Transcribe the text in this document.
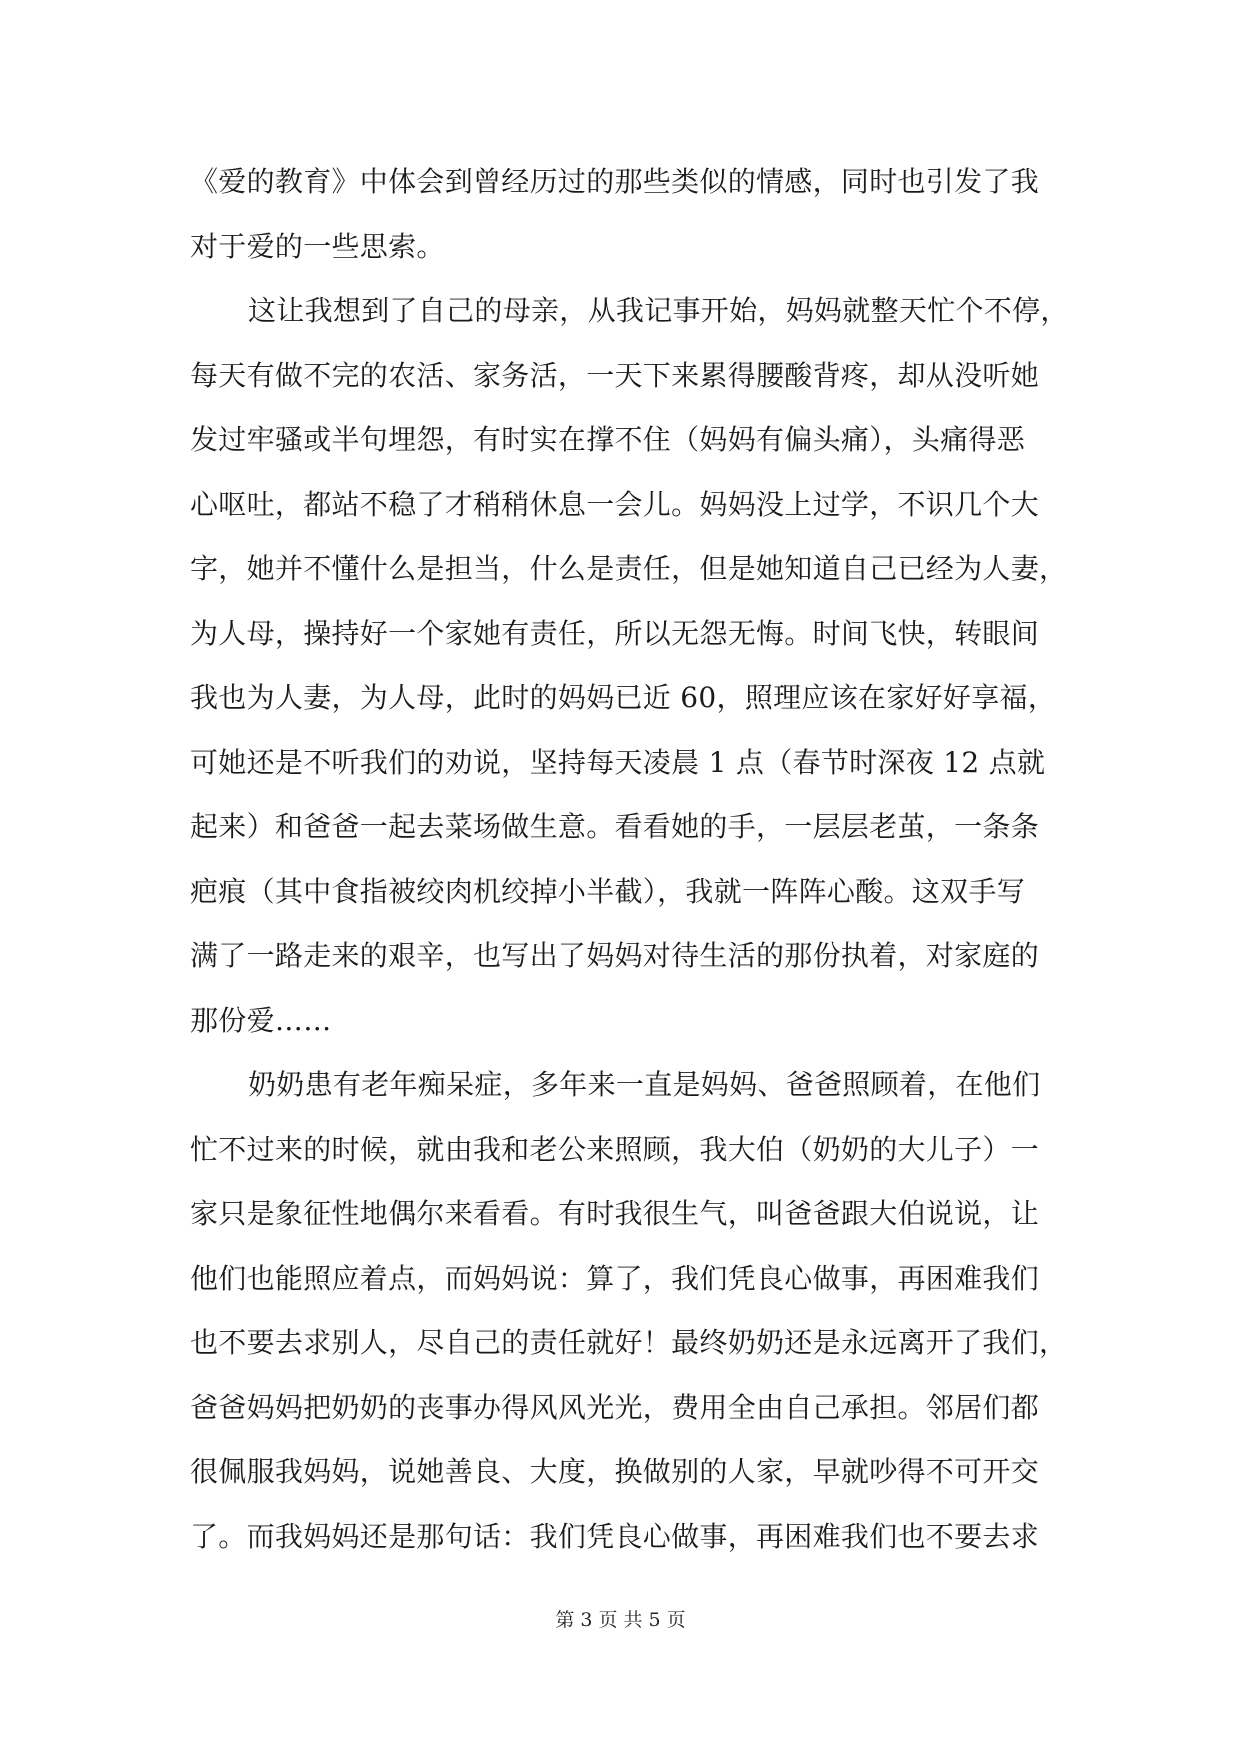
《爱的教育》中体会到曾经历过的那些类似的情感，同时也引发了我
对于爱的一些思索。
这让我想到了自己的母亲，从我记事开始，妈妈就整天忙个不停，
每天有做不完的农活、家务活，一天下来累得腰酸背疼，却从没听她
发过牢骚或半句埋怨，有时实在撑不住（妈妈有偏头痛），头痛得恶
心呕吐，都站不稳了才稍稍休息一会儿。妈妈没上过学，不识几个大
字，她并不懂什么是担当，什么是责任，但是她知道自己已经为人妻，
为人母，操持好一个家她有责任，所以无怨无悔。时间飞快，转眼间
我也为人妻，为人母，此时的妈妈已近 60，照理应该在家好好享福，
可她还是不听我们的劝说，坚持每天凌晨 1 点（春节时深夜 12 点就
起来）和爸爸一起去菜场做生意。看看她的手，一层层老茧，一条条
疤痕（其中食指被绞肉机绞掉小半截），我就一阵阵心酸。这双手写
满了一路走来的艰辛，也写出了妈妈对待生活的那份执着，对家庭的
那份爱……
奶奶患有老年痴呆症，多年来一直是妈妈、爸爸照顾着，在他们
忙不过来的时候，就由我和老公来照顾，我大伯（奶奶的大儿子）一
家只是象征性地偶尔来看看。有时我很生气，叫爸爸跟大伯说说，让
他们也能照应着点，而妈妈说：算了，我们凭良心做事，再困难我们
也不要去求别人，尽自己的责任就好！最终奶奶还是永远离开了我们，
爸爸妈妈把奶奶的丧事办得风风光光，费用全由自己承担。邻居们都
很佩服我妈妈，说她善良、大度，换做别的人家，早就吵得不可开交
了。而我妈妈还是那句话：我们凭良心做事，再困难我们也不要去求
第 3 页 共 5 页
